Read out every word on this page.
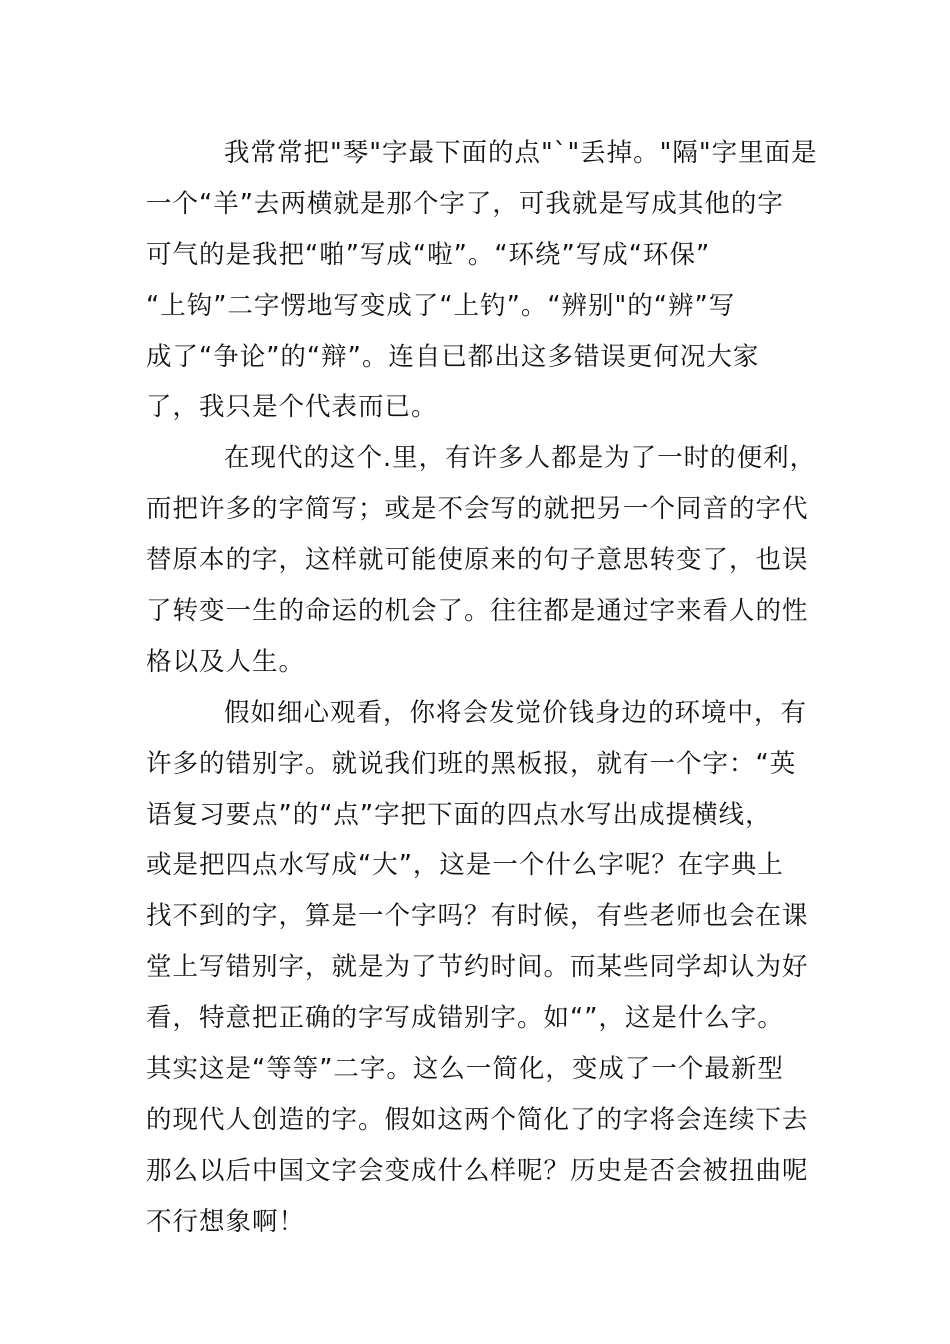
我常常把"琴"字最下面的点"`"丢掉。"隔"字里面是
一个“羊”去两横就是那个字了，可我就是写成其他的字
可气的是我把“啪”写成“啦”。“环绕”写成“环保”
“上钩”二字愣地写变成了“上钓”。“辨别"的“辨”写
成了“争论”的“辩”。连自已都出这多错误更何况大家
了，我只是个代表而已。
在现代的这个.里，有许多人都是为了一时的便利，
而把许多的字简写；或是不会写的就把另一个同音的字代
替原本的字，这样就可能使原来的句子意思转变了，也误
了转变一生的命运的机会了。往往都是通过字来看人的性
格以及人生。
假如细心观看，你将会发觉价钱身边的环境中，有
许多的错别字。就说我们班的黑板报，就有一个字：“英
语复习要点”的“点”字把下面的四点水写出成提横线，
或是把四点水写成“大”，这是一个什么字呢？在字典上
找不到的字，算是一个字吗？有时候，有些老师也会在课
堂上写错别字，就是为了节约时间。而某些同学却认为好
看，特意把正确的字写成错别字。如“”，这是什么字。
其实这是“等等”二字。这么一简化，变成了一个最新型
的现代人创造的字。假如这两个简化了的字将会连续下去
那么以后中国文字会变成什么样呢？历史是否会被扭曲呢
不行想象啊！
